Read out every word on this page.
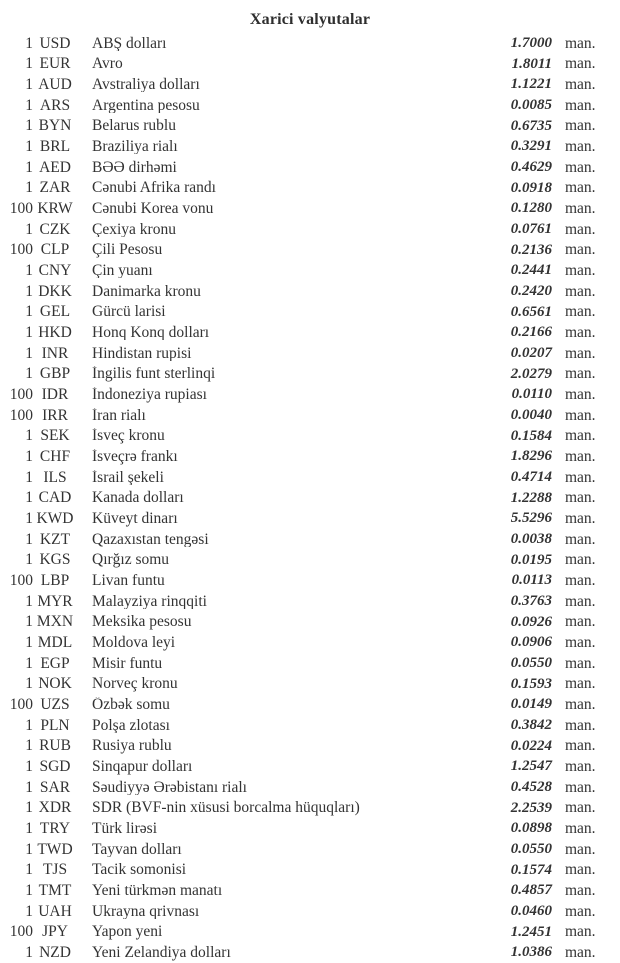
Xarici valyutalar
1 USD	ABŞ dolları	1.7000 man.
1 EUR	Avro	1.8011 man.
1 AUD	Avstraliya dolları	1.1221 man.
1 ARS	Argentina pesosu	0.0085 man.
1 BYN	Belarus rublu	0.6735 man.
1 BRL	Braziliya rialı	0.3291 man.
1 AED	BƏƏ dirhəmi	0.4629 man.
1 ZAR	Cənubi Afrika randı	0.0918 man.
100 KRW	Cənubi Korea vonu	0.1280 man.
1 CZK	Çexiya kronu	0.0761 man.
100 CLP	Çili Pesosu	0.2136 man.
1 CNY	Çin yuanı	0.2441 man.
1 DKK	Danimarka kronu	0.2420 man.
1 GEL	Gürcü larisi	0.6561 man.
1 HKD	Honq Konq dolları	0.2166 man.
1 INR	Hindistan rupisi	0.0207 man.
1 GBP	İngilis funt sterlinqi	2.0279 man.
100 IDR	İndoneziya rupiası	0.0110 man.
100 IRR	İran rialı	0.0040 man.
1 SEK	İsveç kronu	0.1584 man.
1 CHF	İsveçrə frankı	1.8296 man.
1 ILS	İsrail şekeli	0.4714 man.
1 CAD	Kanada dolları	1.2288 man.
1 KWD	Küveyt dinarı	5.5296 man.
1 KZT	Qazaxıstan tengəsi	0.0038 man.
1 KGS	Qırğız somu	0.0195 man.
100 LBP	Livan funtu	0.0113 man.
1 MYR	Malayziya rinqqiti	0.3763 man.
1 MXN	Meksika pesosu	0.0926 man.
1 MDL	Moldova leyi	0.0906 man.
1 EGP	Misir funtu	0.0550 man.
1 NOK	Norveç kronu	0.1593 man.
100 UZS	Özbək somu	0.0149 man.
1 PLN	Polşa zlotası	0.3842 man.
1 RUB	Rusiya rublu	0.0224 man.
1 SGD	Sinqapur dolları	1.2547 man.
1 SAR	Səudiyyə Ərəbistanı rialı	0.4528 man.
1 XDR	SDR (BVF-nin xüsusi borcalma hüquqları)	2.2539 man.
1 TRY	Türk lirəsi	0.0898 man.
1 TWD	Tayvan dolları	0.0550 man.
1 TJS	Tacik somonisi	0.1574 man.
1 TMT	Yeni türkmən manatı	0.4857 man.
1 UAH	Ukrayna qrivnası	0.0460 man.
100 JPY	Yapon yeni	1.2451 man.
1 NZD	Yeni Zelandiya dolları	1.0386 man.
